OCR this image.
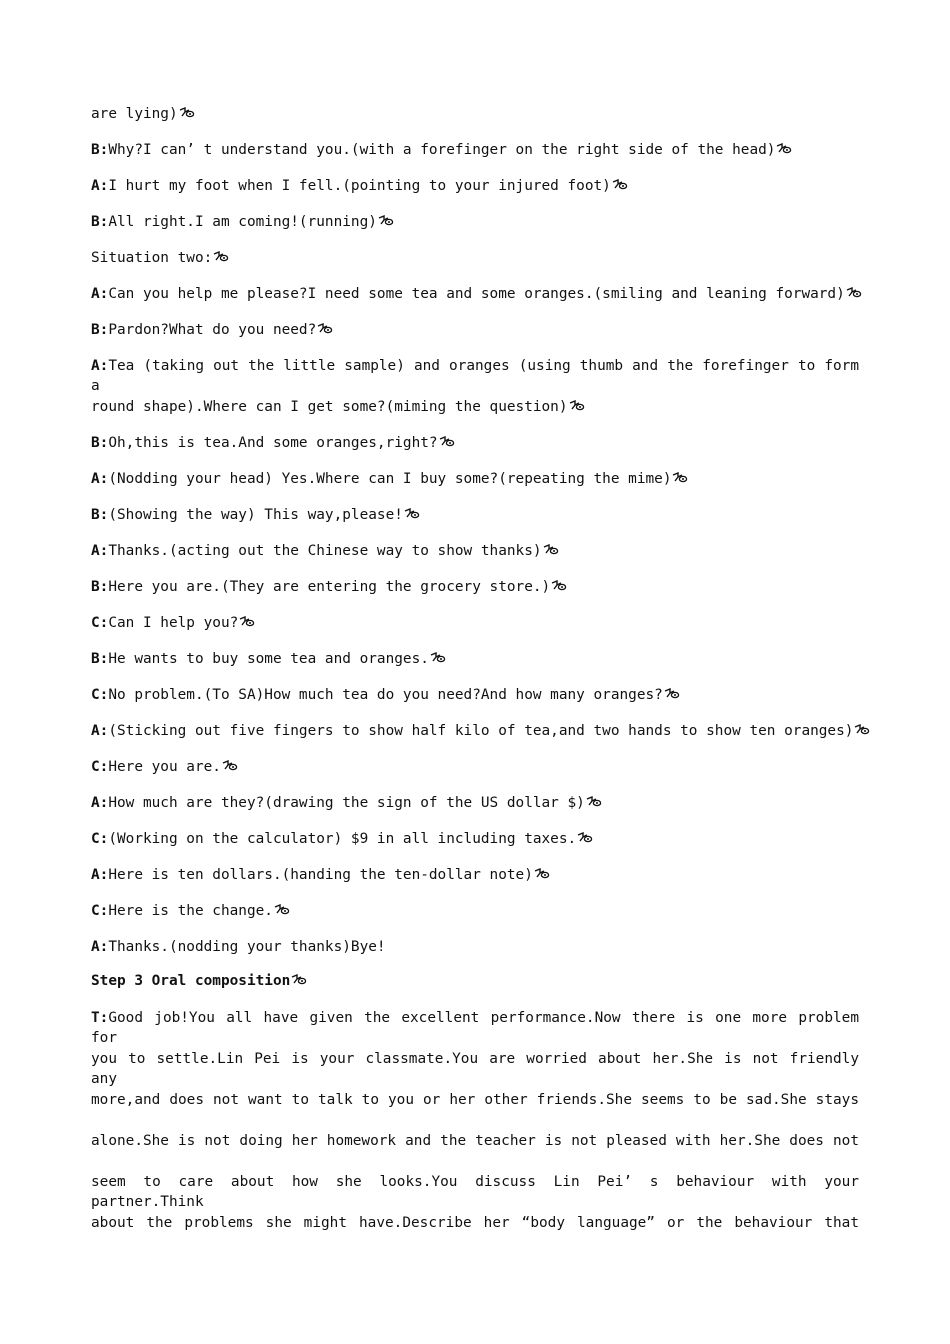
are lying)
B:Why?I can’ t understand you.(with a forefinger on the right side of the head)
A:I hurt my foot when I fell.(pointing to your injured foot)
B:All right.I am coming!(running)
Situation two:
A:Can you help me please?I need some tea and some oranges.(smiling and leaning forward)
B:Pardon?What do you need?
A:Tea (taking out the little sample) and oranges (using thumb and the forefinger to form a
round shape).Where can I get some?(miming the question)
B:Oh,this is tea.And some oranges,right?
A:(Nodding your head) Yes.Where can I buy some?(repeating the mime)
B:(Showing the way) This way,please!
A:Thanks.(acting out the Chinese way to show thanks)
B:Here you are.(They are entering the grocery store.)
C:Can I help you?
B:He wants to buy some tea and oranges.
C:No problem.(To SA)How much tea do you need?And how many oranges?
A:(Sticking out five fingers to show half kilo of tea,and two hands to show ten oranges)
C:Here you are.
A:How much are they?(drawing the sign of the US dollar $)
C:(Working on the calculator) $9 in all including taxes.
A:Here is ten dollars.(handing the ten-dollar note)
C:Here is the change.
A:Thanks.(nodding your thanks)Bye!
Step 3 Oral composition
T:Good job!You all have given the excellent performance.Now there is one more problem for
you to settle.Lin Pei is your classmate.You are worried about her.She is not friendly any
more,and does not want to talk to you or her other friends.She seems to be sad.She stays
alone.She is not doing her homework and the teacher is not pleased with her.She does not
seem to care about how she looks.You discuss Lin Pei’ s behaviour with your partner.Think
about the problems she might have.Describe her “body language” or the behaviour that
